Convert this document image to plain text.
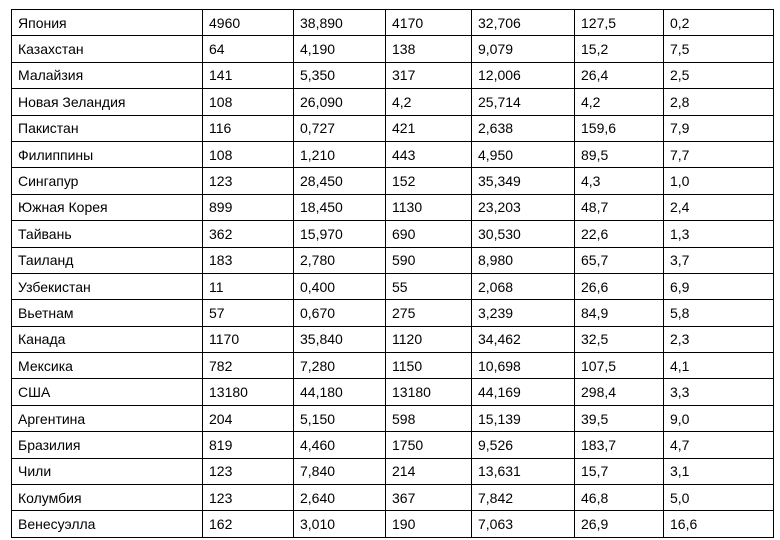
Япония	4960	38,890	4170	32,706	127,5	0,2
Казахстан	64	4,190	138	9,079	15,2	7,5
Малайзия	141	5,350	317	12,006	26,4	2,5
Новая Зеландия	108	26,090	4,2	25,714	4,2	2,8
Пакистан	116	0,727	421	2,638	159,6	7,9
Филиппины	108	1,210	443	4,950	89,5	7,7
Сингапур	123	28,450	152	35,349	4,3	1,0
Южная Корея	899	18,450	1130	23,203	48,7	2,4
Тайвань	362	15,970	690	30,530	22,6	1,3
Таиланд	183	2,780	590	8,980	65,7	3,7
Узбекистан	11	0,400	55	2,068	26,6	6,9
Вьетнам	57	0,670	275	3,239	84,9	5,8
Канада	1170	35,840	1120	34,462	32,5	2,3
Мексика	782	7,280	1150	10,698	107,5	4,1
США	13180	44,180	13180	44,169	298,4	3,3
Аргентина	204	5,150	598	15,139	39,5	9,0
Бразилия	819	4,460	1750	9,526	183,7	4,7
Чили	123	7,840	214	13,631	15,7	3,1
Колумбия	123	2,640	367	7,842	46,8	5,0
Венесуэлла	162	3,010	190	7,063	26,9	16,6
